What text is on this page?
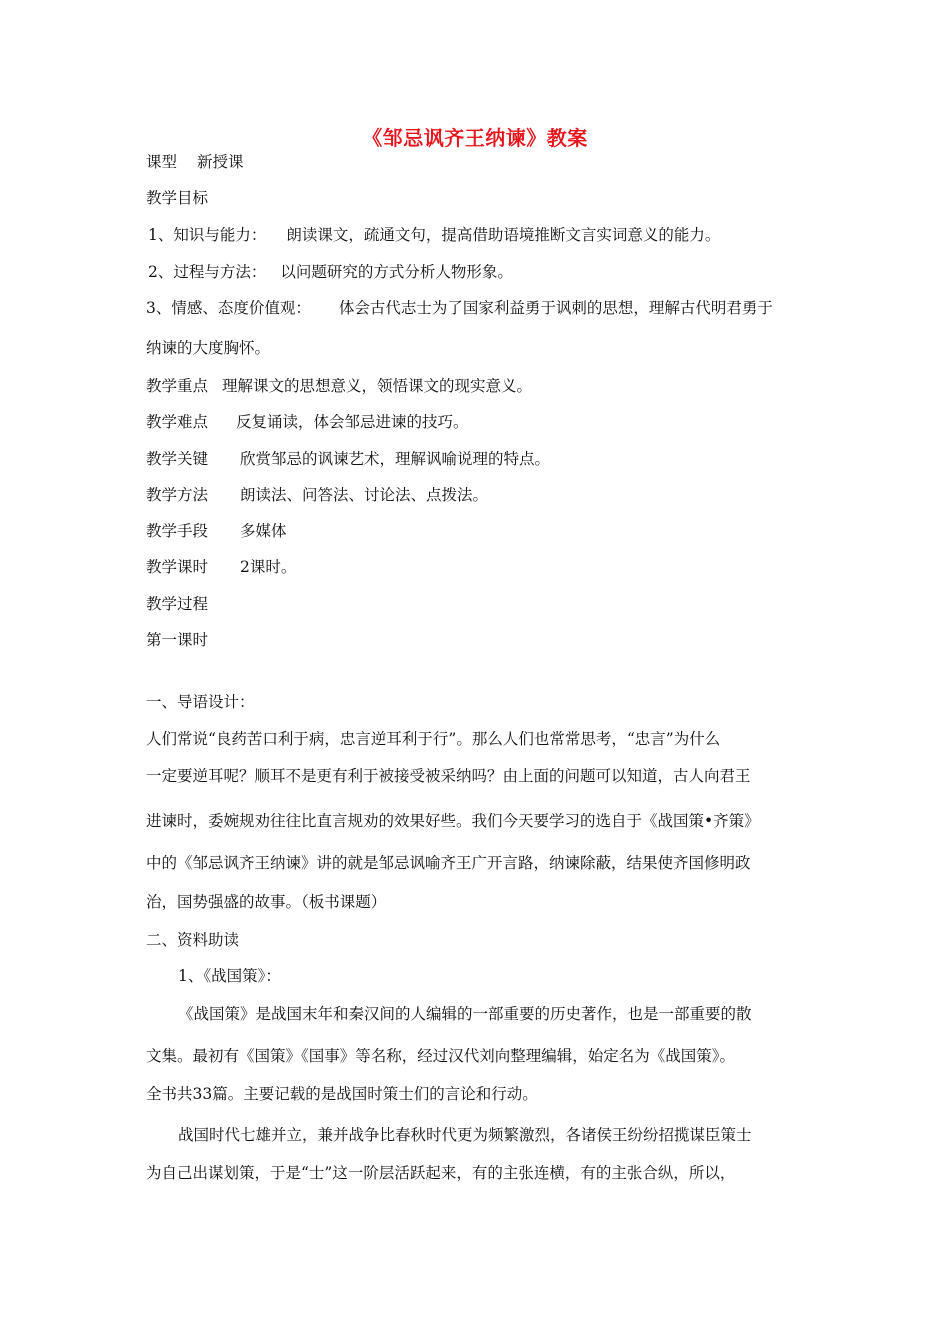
《邹忌讽齐王纳谏》教案
课型 新授课
教学目标
1、知识与能力： 朗读课文，疏通文句，提高借助语境推断文言实词意义的能力。
2、过程与方法： 以问题研究的方式分析人物形象。
3、情感、态度价值观： 体会古代志士为了国家利益勇于讽刺的思想，理解古代明君勇于
纳谏的大度胸怀。
教学重点 理解课文的思想意义，领悟课文的现实意义。
教学难点 反复诵读，体会邹忌进谏的技巧。
教学关键 欣赏邹忌的讽谏艺术，理解讽喻说理的特点。
教学方法 朗读法、问答法、讨论法、点拨法。
教学手段 多媒体
教学课时 2课时。
教学过程
第一课时
一、导语设计：
人们常说“良药苦口利于病，忠言逆耳利于行”。那么人们也常常思考，“忠言”为什么
一定要逆耳呢？顺耳不是更有利于被接受被采纳吗？由上面的问题可以知道，古人向君王
进谏时，委婉规劝往往比直言规劝的效果好些。我们今天要学习的选自于《战国策•齐策》
中的《邹忌讽齐王纳谏》讲的就是邹忌讽喻齐王广开言路，纳谏除蔽，结果使齐国修明政
治，国势强盛的故事。（板书课题）
二、资料助读
1、《战国策》：
《战国策》是战国末年和秦汉间的人编辑的一部重要的历史著作，也是一部重要的散
文集。最初有《国策》《国事》等名称，经过汉代刘向整理编辑，始定名为《战国策》。
全书共33篇。主要记载的是战国时策士们的言论和行动。
战国时代七雄并立，兼并战争比春秋时代更为频繁激烈，各诸侯王纷纷招揽谋臣策士
为自己出谋划策，于是“士”这一阶层活跃起来，有的主张连横，有的主张合纵，所以，
